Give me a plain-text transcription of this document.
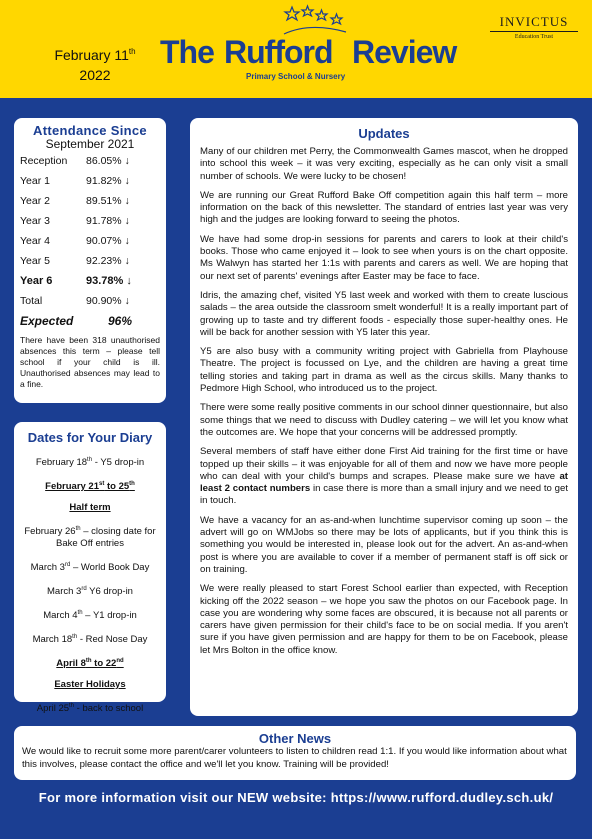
February 11th
2022
The Rufford Review
Primary School & Nursery
INVICTUS
Education Trust
Attendance Since
September 2021
Reception	86.05% ↓
Year 1	91.82% ↓
Year 2	89.51% ↓
Year 3	91.78% ↓
Year 4	90.07% ↓
Year 5	92.23% ↓
Year 6	93.78% ↓
Total	90.90% ↓
Expected	96%
There have been 318 unauthorised absences this term – please tell school if your child is ill. Unauthorised absences may lead to a fine.
Dates for Your Diary
February 18th - Y5 drop-in
February 21st to 25th
Half term
February 26th – closing date for Bake Off entries
March 3rd – World Book Day
March 3rd Y6 drop-in
March 4th – Y1 drop-in
March 18th - Red Nose Day
April 8th to 22nd
Easter Holidays
April 25th - back to school
Updates

Many of our children met Perry, the Commonwealth Games mascot, when he dropped into school this week – it was very exciting, especially as he can only visit a small number of schools. We were lucky to be chosen!

We are running our Great Rufford Bake Off competition again this half term – more information on the back of this newsletter. The standard of entries last year was very high and the judges are looking forward to seeing the photos.

We have had some drop-in sessions for parents and carers to look at their child's books. Those who came enjoyed it – look to see when yours is on the chart opposite. Ms Walwyn has started her 1:1s with parents and carers as well. We are hoping that our next set of parents' evenings after Easter may be face to face.

Idris, the amazing chef, visited Y5 last week and worked with them to create luscious salads – the area outside the classroom smelt wonderful! It is a really important part of growing up to taste and try different foods - especially those super-healthy ones. He will be back for another session with Y5 later this year.

Y5 are also busy with a community writing project with Gabriella from Playhouse Theatre. The project is focussed on Lye, and the children are having a great time telling stories and taking part in drama as well as the circus skills. Many thanks to Pedmore High School, who introduced us to the project.

There were some really positive comments in our school dinner questionnaire, but also some things that we need to discuss with Dudley catering – we will let you know what the outcomes are. We hope that your concerns will be addressed promptly.

Several members of staff have either done First Aid training for the first time or have topped up their skills – it was enjoyable for all of them and now we have more people who can deal with your child's bumps and scrapes. Please make sure we have at least 2 contact numbers in case there is more than a small injury and we need to get in touch.

We have a vacancy for an as-and-when lunchtime supervisor coming up soon – the advert will go on WMJobs so there may be lots of applicants, but if you think this is something you would be interested in, please look out for the advert. An as-and-when post is where you are available to cover if a member of permanent staff is off sick or on training.

We were really pleased to start Forest School earlier than expected, with Reception kicking off the 2022 season – we hope you saw the photos on our Facebook page. In case you are wondering why some faces are obscured, it is because not all parents or carers have given permission for their child's face to be on social media. If you aren't sure if you have given permission and are happy for them to be on Facebook, please let Mrs Bolton in the office know.

Other News
We would like to recruit some more parent/carer volunteers to listen to children read 1:1. If you would like information about what this involves, please contact the office and we'll let you know. Training will be provided!
For more information visit our NEW website: https://www.rufford.dudley.sch.uk/
